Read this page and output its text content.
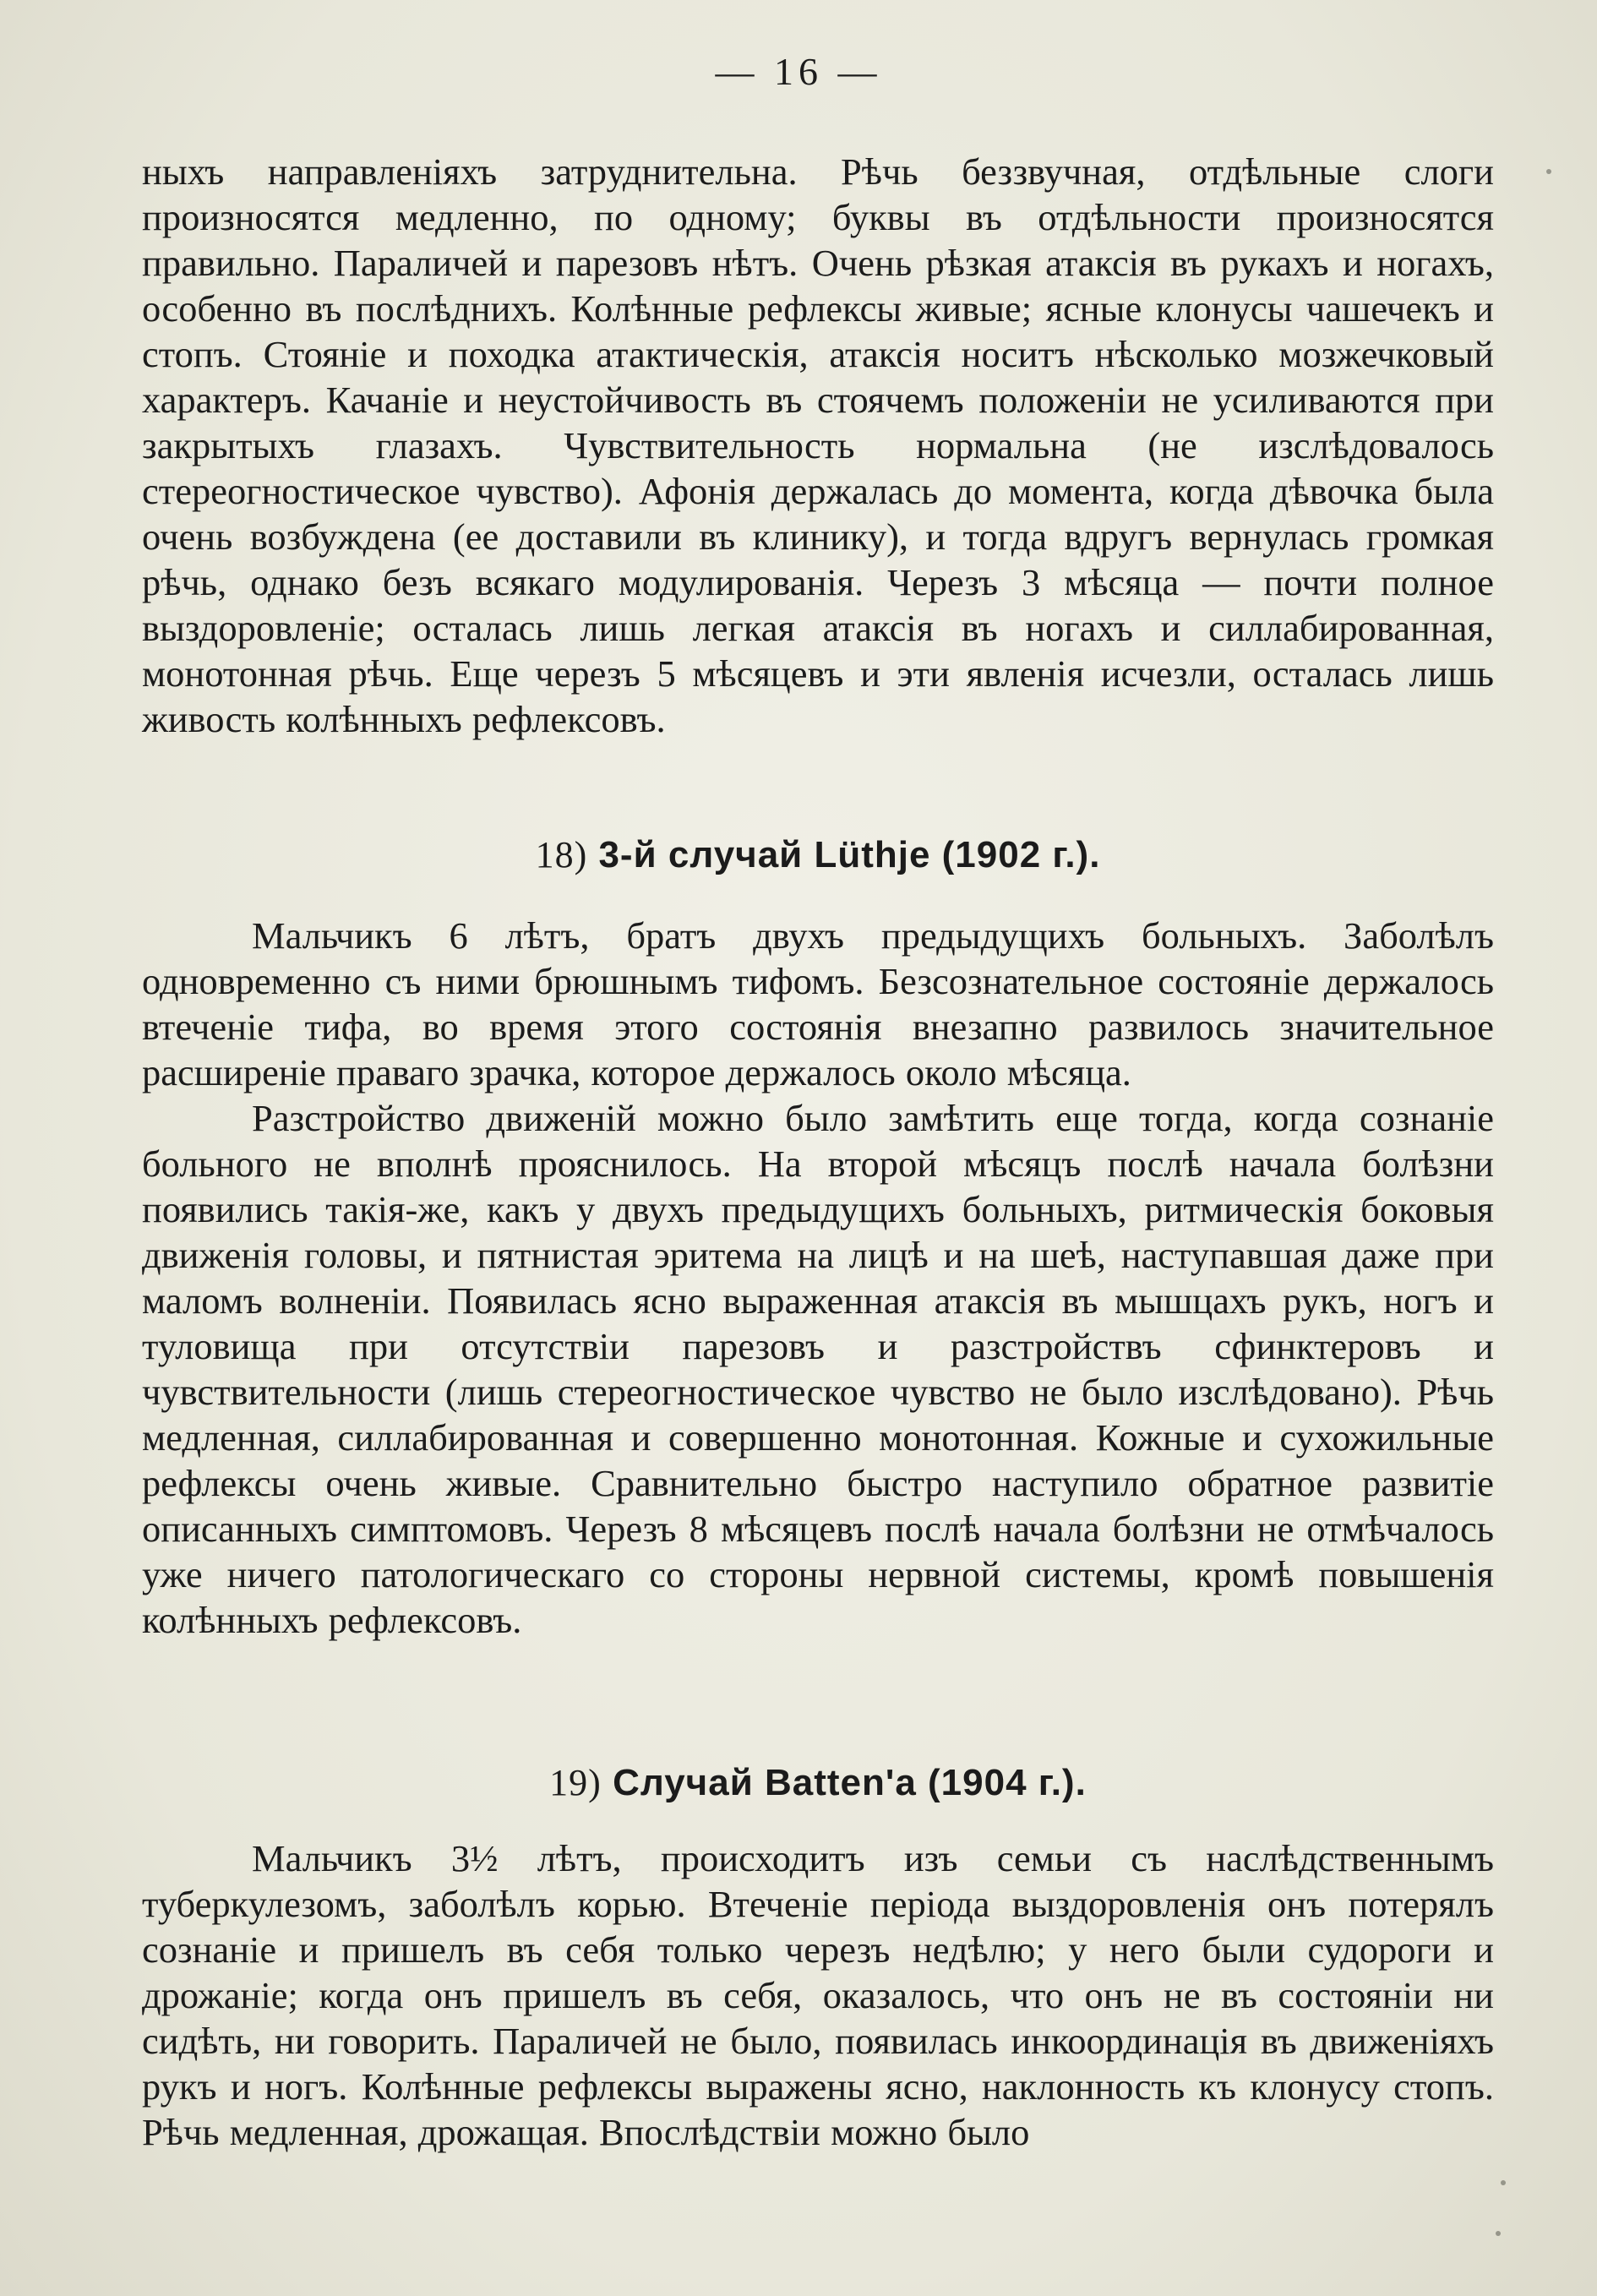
— 16 —

ныхъ направленіяхъ затруднительна. Рѣчь беззвучная, отдѣльные слоги произносятся медленно, по одному; буквы въ отдѣльности произносятся правильно. Параличей и парезовъ нѣтъ. Очень рѣзкая атаксія въ рукахъ и ногахъ, особенно въ послѣднихъ. Колѣнные рефлексы живые; ясные клонусы чашечекъ и стопъ. Стояніе и походка атактическія, атаксія носитъ нѣсколько мозжечковый характеръ. Качаніе и неустойчивость въ стоячемъ положеніи не усиливаются при закрытыхъ глазахъ. Чувствительность нормальна (не изслѣдовалось стереогностическое чувство). Афонія держалась до момента, когда дѣвочка была очень возбуждена (ее доставили въ клинику), и тогда вдругъ вернулась громкая рѣчь, однако безъ всякаго модулированія. Черезъ 3 мѣсяца — почти полное выздоровленіе; осталась лишь легкая атаксія въ ногахъ и силлабированная, монотонная рѣчь. Еще черезъ 5 мѣсяцевъ и эти явленія исчезли, осталась лишь живость колѣнныхъ рефлексовъ.

18) 3-й случай Lüthje (1902 г.).

Мальчикъ 6 лѣтъ, братъ двухъ предыдущихъ больныхъ. Заболѣлъ одновременно съ ними брюшнымъ тифомъ. Безсознательное состояніе держалось втеченіе тифа, во время этого состоянія внезапно развилось значительное расширеніе праваго зрачка, которое держалось около мѣсяца.

Разстройство движеній можно было замѣтить еще тогда, когда сознаніе больного не вполнѣ прояснилось. На второй мѣсяцъ послѣ начала болѣзни появились такія-же, какъ у двухъ предыдущихъ больныхъ, ритмическія боковыя движенія головы, и пятнистая эритема на лицѣ и на шеѣ, наступавшая даже при маломъ волненіи. Появилась ясно выраженная атаксія въ мышцахъ рукъ, ногъ и туловища при отсутствіи парезовъ и разстройствъ сфинктеровъ и чувствительности (лишь стереогностическое чувство не было изслѣдовано). Рѣчь медленная, силлабированная и совершенно монотонная. Кожные и сухожильные рефлексы очень живые. Сравнительно быстро наступило обратное развитіе описанныхъ симптомовъ. Черезъ 8 мѣсяцевъ послѣ начала болѣзни не отмѣчалось уже ничего патологическаго со стороны нервной системы, кромѣ повышенія колѣнныхъ рефлексовъ.

19) Случай Batten'a (1904 г.).

Мальчикъ 3½ лѣтъ, происходитъ изъ семьи съ наслѣдственнымъ туберкулезомъ, заболѣлъ корью. Втеченіе періода выздоровленія онъ потерялъ сознаніе и пришелъ въ себя только черезъ недѣлю; у него были судороги и дрожаніе; когда онъ пришелъ въ себя, оказалось, что онъ не въ состояніи ни сидѣть, ни говорить. Параличей не было, появилась инкоординація въ движеніяхъ рукъ и ногъ. Колѣнные рефлексы выражены ясно, наклонность къ клонусу стопъ. Рѣчь медленная, дрожащая. Впослѣдствіи можно было
